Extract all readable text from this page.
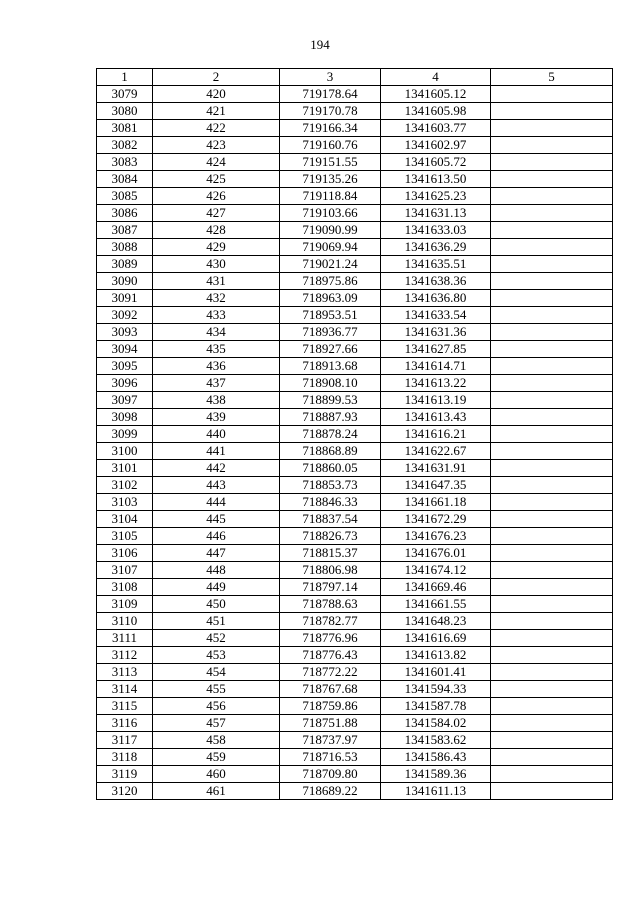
194
1	2	3	4	5
3079	420	719178.64	1341605.12	
3080	421	719170.78	1341605.98	
3081	422	719166.34	1341603.77	
3082	423	719160.76	1341602.97	
3083	424	719151.55	1341605.72	
3084	425	719135.26	1341613.50	
3085	426	719118.84	1341625.23	
3086	427	719103.66	1341631.13	
3087	428	719090.99	1341633.03	
3088	429	719069.94	1341636.29	
3089	430	719021.24	1341635.51	
3090	431	718975.86	1341638.36	
3091	432	718963.09	1341636.80	
3092	433	718953.51	1341633.54	
3093	434	718936.77	1341631.36	
3094	435	718927.66	1341627.85	
3095	436	718913.68	1341614.71	
3096	437	718908.10	1341613.22	
3097	438	718899.53	1341613.19	
3098	439	718887.93	1341613.43	
3099	440	718878.24	1341616.21	
3100	441	718868.89	1341622.67	
3101	442	718860.05	1341631.91	
3102	443	718853.73	1341647.35	
3103	444	718846.33	1341661.18	
3104	445	718837.54	1341672.29	
3105	446	718826.73	1341676.23	
3106	447	718815.37	1341676.01	
3107	448	718806.98	1341674.12	
3108	449	718797.14	1341669.46	
3109	450	718788.63	1341661.55	
3110	451	718782.77	1341648.23	
3111	452	718776.96	1341616.69	
3112	453	718776.43	1341613.82	
3113	454	718772.22	1341601.41	
3114	455	718767.68	1341594.33	
3115	456	718759.86	1341587.78	
3116	457	718751.88	1341584.02	
3117	458	718737.97	1341583.62	
3118	459	718716.53	1341586.43	
3119	460	718709.80	1341589.36	
3120	461	718689.22	1341611.13	
